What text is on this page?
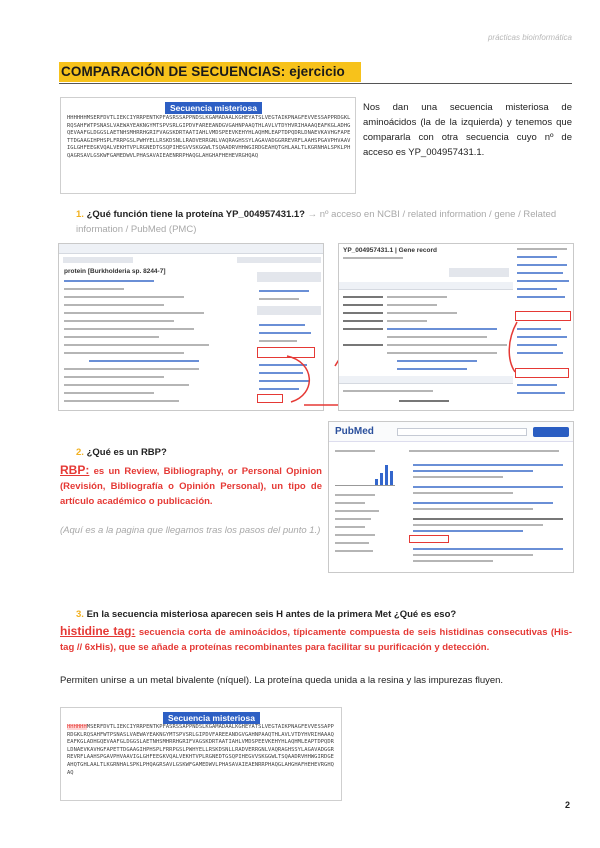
prácticas bioinformática
COMPARACIÓN DE SECUENCIAS: ejercicio
Secuencia misteriosa
HHHHHHMSERFDVTLIEKCIYRRPENTKPFASRSSAPPNDSLKGAMADAALKGHEYATSLVEGTAIKPNAGFEVVESSAPPRDGKLRQSAHFWTPSNASLVAEWAYEAKNGYMTSPVSRLGIPDVFAREEANDGVGAHNPAAQTHLAVLVTDYHVRIHAAAQEAFKGLADHGQEVAAFGLDGGSLAETNHSMHRRHGRIFVAGSKDRTAATIAHLVMDSPEEVKEHYHLAQHMLEAPTDPQDRLDNAEVKAVHGFAPETTDGAAGIHPHSPLFRRPGSLPWHYELLRSKDSNLLRADVERRGNLVAQRAGHSSYLAGAVADGGRREVRFLAAHSPGAVPHVAAVIGLGHFEEGKVQALVEKHTVPLRGNEDTGSQPIHEGVVSKGGWLTSQAADRVHHWGIRDGEAHQTGHLAALTLKGRNHALSPKLPHQAGRSAVLGSKWFGAMEDWVLPHASAVAIEAENRRPHAQGLAHGHAFHEHEVRGHQAQ
Nos dan una secuencia misteriosa de aminoácidos (la de la izquierda) y tenemos que compararla con otra secuencia cuyo nº de acceso es YP_004957431.1.
1. ¿Qué función tiene la proteína YP_004957431.1? → nº acceso en NCBI / related information / gene / Related information / PubMed (PMC)
protein [Burkholderia sp. 8244-7]
YP_004957431.1 | Gene record
2. ¿Qué es un RBP?
RBP: es un Review, Bibliography, or Personal Opinion (Revisión, Bibliografía o Opinión Personal), un tipo de artículo académico o publicación.
(Aquí es a la pagina que llegamos tras los pasos del punto 1.)
PubMed
3. En la secuencia misteriosa aparecen seis H antes de la primera Met ¿Qué es eso?
histidine tag: secuencia corta de aminoácidos, típicamente compuesta de seis histidinas consecutivas (His-tag // 6xHis), que se añade a proteínas recombinantes para facilitar su purificación y detección.
Permiten unirse a un metal bivalente (níquel). La proteína queda unida a la resina y las impurezas fluyen.
Secuencia misteriosa
HHHHHHMSERFDVTLIEKCIYRRPENTKPFASRSSAPPNDSLKGAMADAALKGHEYATSLVEGTAIKPNAGFEVVESSAPPRDGKLRQSAHFWTPSNASLVAEWAYEAKNGYMTSPVSRLGIPDVFAREEANDGVGAHNPAAQTHLAVLVTDYHVRIHAAAQEAFKGLADHGQEVAAFGLDGGSLAETNHSMHRRHGRIFVAGSKDRTAATIAHLVMDSPEEVKEHYHLAQHMLEAPTDPQDRLDNAEVKAVHGFAPETTDGAAGIHPHSPLFRRPGSLPWHYELLRSKDSNLLRADVERRGNLVAQRAGHSSYLAGAVADGGRREVRFLAAHSPGAVPHVAAVIGLGHFEEGKVQALVEKHTVPLRGNEDTGSQPIHEGVVSKGGWLTSQAADRVHHWGIRDGEAHQTGHLAALTLKGRNHALSPKLPHQAGRSAVLGSKWFGAMEDWVLPHASAVAIEAENRRPHAQGLAHGHAFHEHEVRGHQAQ
2
